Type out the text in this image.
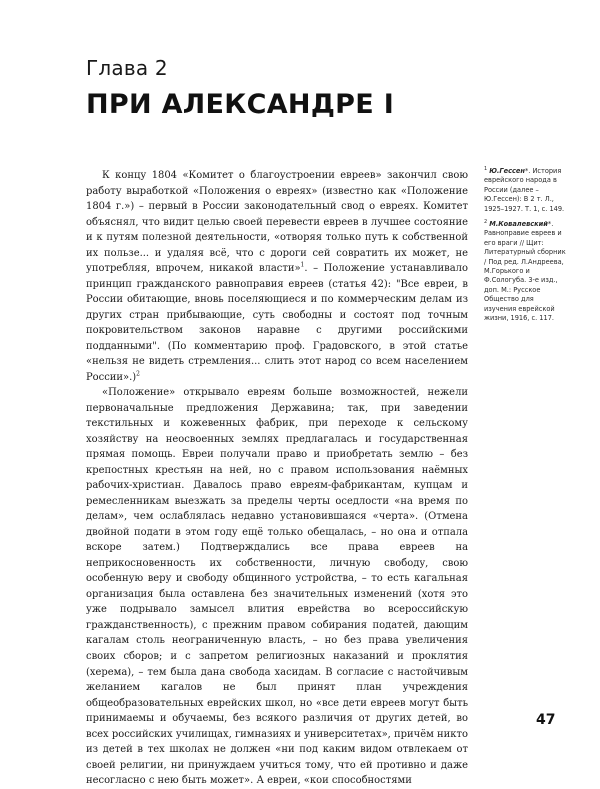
Глава 2
ПРИ АЛЕКСАНДРЕ I

К концу 1804 «Комитет о благоустроении евреев» закончил свою работу выработкой «Положения о евреях» (известно как «Положение 1804 г.») – первый в России законодательный свод о евреях. Комитет объяснял, что видит целью своей перевести евреев в лучшее состояние и к путям полезной деятельности, «отворяя только путь к собственной их пользе... и удаляя всё, что с дороги сей совратить их может, не употребляя, впрочем, никакой власти»$^1$. – Положение устанавливало принцип гражданского равноправия евреев (статья 42): "Все евреи, в России обитающие, вновь поселяющиеся и по коммерческим делам из других стран прибывающие, суть свободны и состоят под точным покровительством законов наравне с другими российскими подданными". (По комментарию проф. Градовского, в этой статье «нельзя не видеть стремления... слить этот народ со всем населением России».)$^2$

«Положение» открывало евреям больше возможностей, нежели первоначальные предложения Державина; так, при заведении текстильных и кожевенных фабрик, при переходе к сельскому хозяйству на неосвоенных землях предлагалась и государственная прямая помощь. Евреи получали право и приобретать землю – без крепостных крестьян на ней, но с правом использования наёмных рабочих-христиан. Давалось право евреям-фабрикантам, купцам и ремесленникам выезжать за пределы черты оседлости «на время по делам», чем ослаблялась недавно установившаяся «черта». (Отмена двойной подати в этом году ещё только обещалась, – но она и отпала вскоре затем.) Подтверждались все права евреев на неприкосновенность их собственности, личную свободу, свою особенную веру и свободу общинного устройства, – то есть кагальная организация была оставлена без значительных изменений (хотя это уже подрывало замысел влития еврейства во всероссийскую гражданственность), с прежним правом собирания податей, дающим кагалам столь неограниченную власть, – но без права увеличения своих сборов; и с запретом религиозных наказаний и проклятия (херема), – тем была дана свобода хасидам. В согласие с настойчивым желанием кагалов не был принят план учреждения общеобразовательных еврейских школ, но «все дети евреев могут быть принимаемы и обучаемы, без всякого различия от других детей, во всех российских училищах, гимназиях и университетах», причём никто из детей в тех школах не должен «ни под каким видом отвлекаем от своей религии, ни принуждаем учиться тому, что ей противно и даже несогласно с нею быть может». А евреи, «кои способностями

$^1$ Ю.Гессен*. История еврейского народа в России (далее – Ю.Гессен): В 2 т. Л., 1925–1927. Т. 1, с. 149.
$^2$ М.Ковалевский*. Равноправие евреев и его враги // Щит: Литературный сборник / Под ред. Л.Андреева, М.Горького и Ф.Сологуба. 3-е изд., доп. М.: Русское Общество для изучения еврейской жизни, 1916, с. 117.
47
